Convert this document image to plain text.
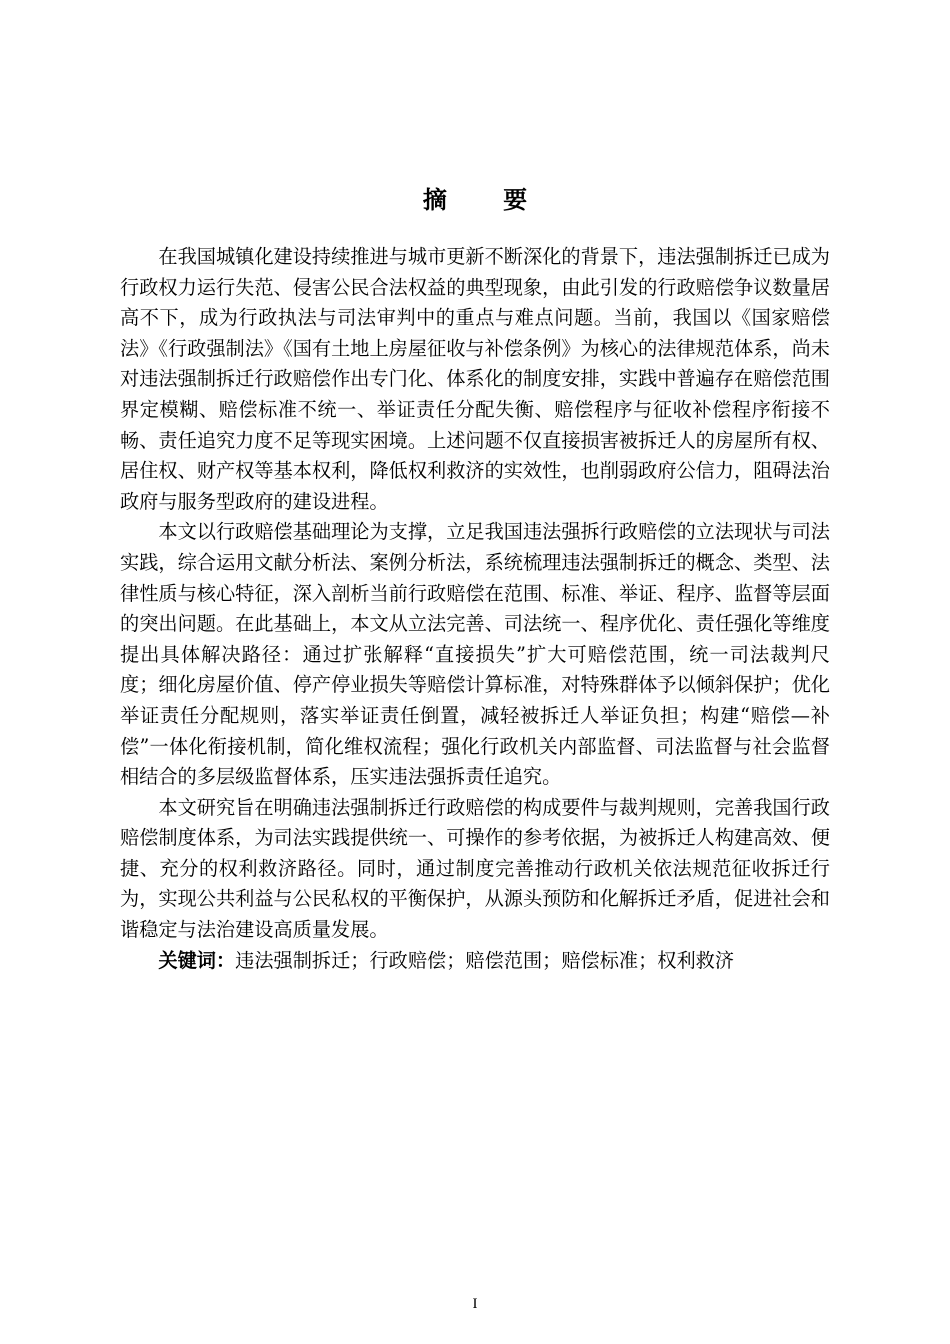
摘 要

在我国城镇化建设持续推进与城市更新不断深化的背景下，违法强制拆迁已成为行政权力运行失范、侵害公民合法权益的典型现象，由此引发的行政赔偿争议数量居高不下，成为行政执法与司法审判中的重点与难点问题。当前，我国以《国家赔偿法》《行政强制法》《国有土地上房屋征收与补偿条例》为核心的法律规范体系，尚未对违法强制拆迁行政赔偿作出专门化、体系化的制度安排，实践中普遍存在赔偿范围界定模糊、赔偿标准不统一、举证责任分配失衡、赔偿程序与征收补偿程序衔接不畅、责任追究力度不足等现实困境。上述问题不仅直接损害被拆迁人的房屋所有权、居住权、财产权等基本权利，降低权利救济的实效性，也削弱政府公信力，阻碍法治政府与服务型政府的建设进程。

本文以行政赔偿基础理论为支撑，立足我国违法强拆行政赔偿的立法现状与司法实践，综合运用文献分析法、案例分析法，系统梳理违法强制拆迁的概念、类型、法律性质与核心特征，深入剖析当前行政赔偿在范围、标准、举证、程序、监督等层面的突出问题。在此基础上，本文从立法完善、司法统一、程序优化、责任强化等维度提出具体解决路径：通过扩张解释“直接损失”扩大可赔偿范围，统一司法裁判尺度；细化房屋价值、停产停业损失等赔偿计算标准，对特殊群体予以倾斜保护；优化举证责任分配规则，落实举证责任倒置，减轻被拆迁人举证负担；构建“赔偿—补偿”一体化衔接机制，简化维权流程；强化行政机关内部监督、司法监督与社会监督相结合的多层级监督体系，压实违法强拆责任追究。

本文研究旨在明确违法强制拆迁行政赔偿的构成要件与裁判规则，完善我国行政赔偿制度体系，为司法实践提供统一、可操作的参考依据，为被拆迁人构建高效、便捷、充分的权利救济路径。同时，通过制度完善推动行政机关依法规范征收拆迁行为，实现公共利益与公民私权的平衡保护，从源头预防和化解拆迁矛盾，促进社会和谐稳定与法治建设高质量发展。

关键词：违法强制拆迁；行政赔偿；赔偿范围；赔偿标准；权利救济

I
